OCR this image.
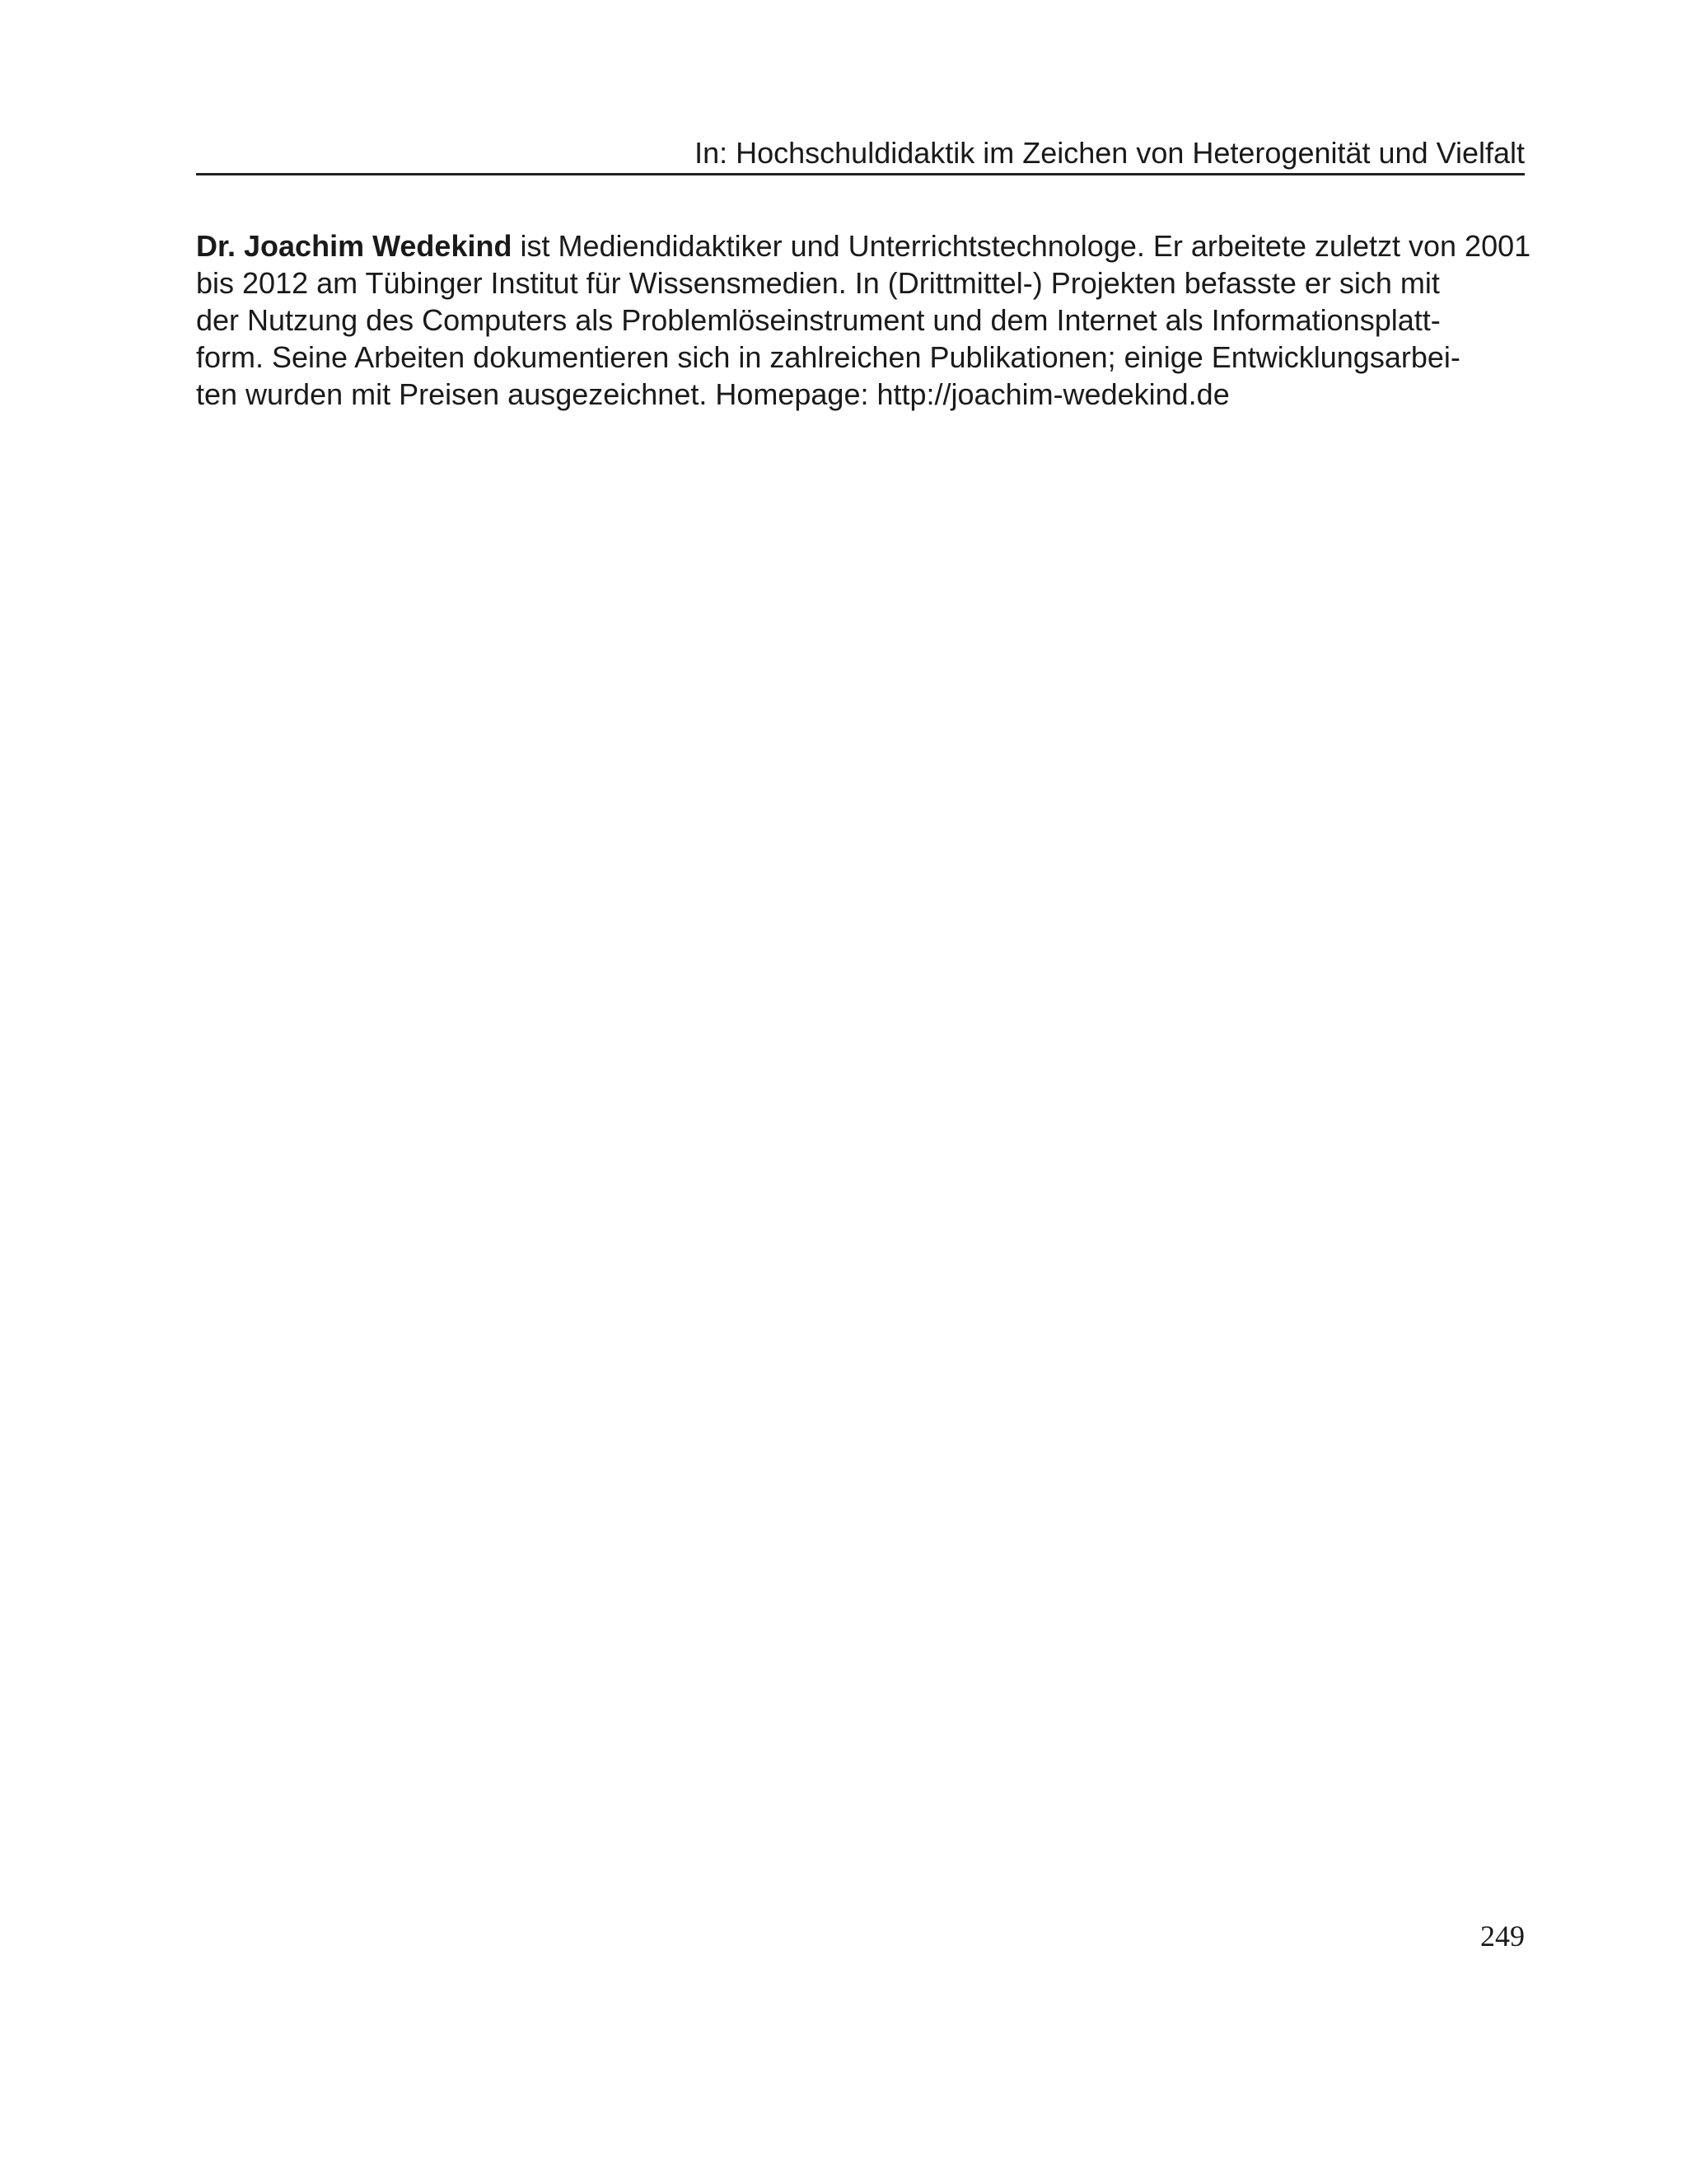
In: Hochschuldidaktik im Zeichen von Heterogenität und Vielfalt

Dr. Joachim Wedekind ist Mediendidaktiker und Unterrichtstechnologe. Er arbeitete zuletzt von 2001
bis 2012 am Tübinger Institut für Wissensmedien. In (Drittmittel-) Projekten befasste er sich mit
der Nutzung des Computers als Problemlöseinstrument und dem Internet als Informationsplatt-
form. Seine Arbeiten dokumentieren sich in zahlreichen Publikationen; einige Entwicklungsarbei-
ten wurden mit Preisen ausgezeichnet. Homepage: http://joachim-wedekind.de

249
